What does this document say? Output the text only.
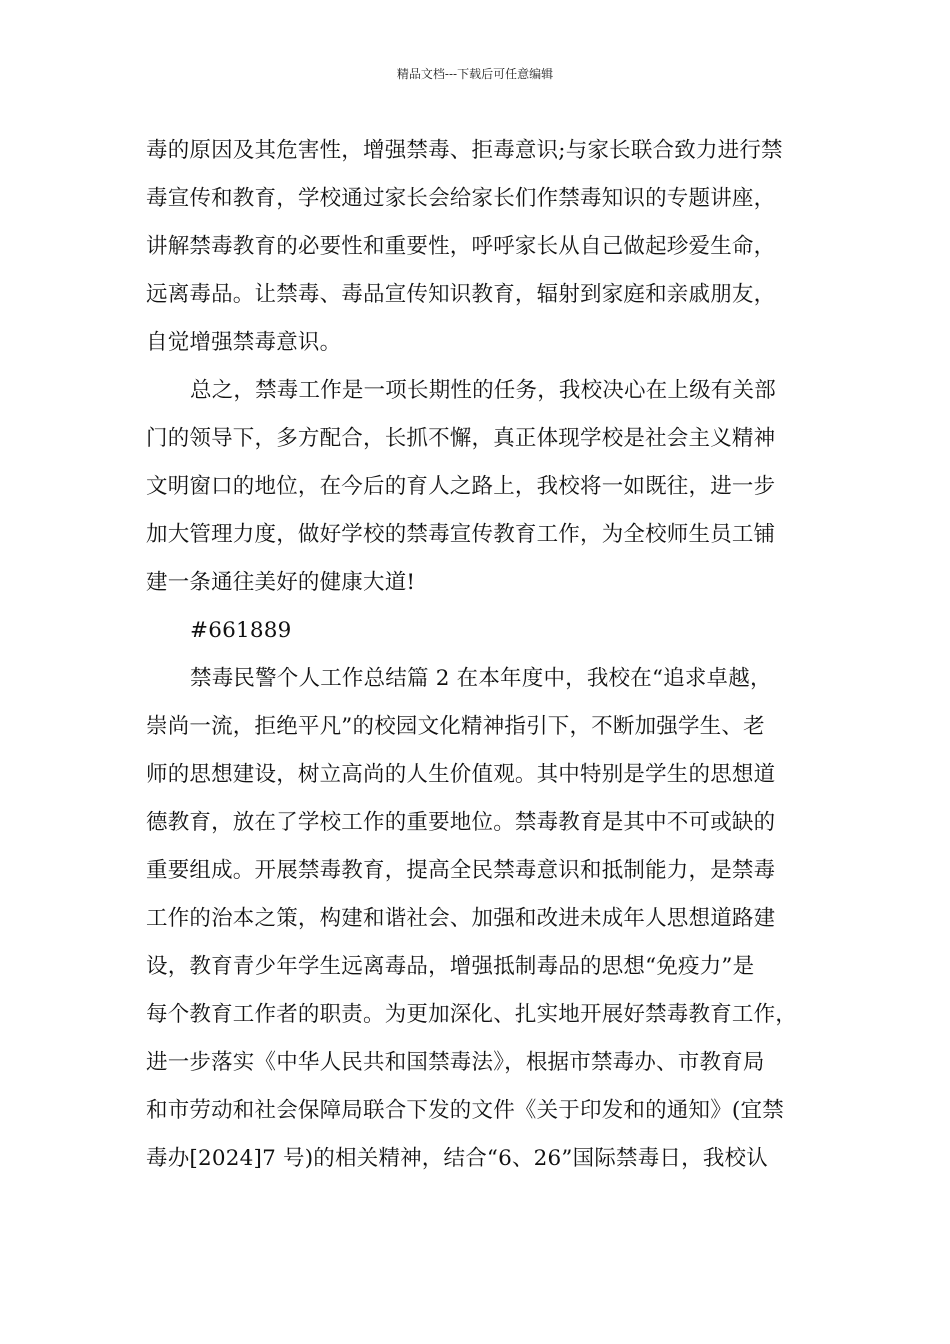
精品文档---下载后可任意编辑
毒的原因及其危害性，增强禁毒、拒毒意识;与家长联合致力进行禁
毒宣传和教育，学校通过家长会给家长们作禁毒知识的专题讲座，
讲解禁毒教育的必要性和重要性，呼呼家长从自己做起珍爱生命，
远离毒品。让禁毒、毒品宣传知识教育，辐射到家庭和亲戚朋友，
自觉增强禁毒意识。
总之，禁毒工作是一项长期性的任务，我校决心在上级有关部
门的领导下，多方配合，长抓不懈，真正体现学校是社会主义精神
文明窗口的地位，在今后的育人之路上，我校将一如既往，进一步
加大管理力度，做好学校的禁毒宣传教育工作，为全校师生员工铺
建一条通往美好的健康大道!
#661889
禁毒民警个人工作总结篇 2 在本年度中，我校在“追求卓越，
崇尚一流，拒绝平凡”的校园文化精神指引下，不断加强学生、老
师的思想建设，树立高尚的人生价值观。其中特别是学生的思想道
德教育，放在了学校工作的重要地位。禁毒教育是其中不可或缺的
重要组成。开展禁毒教育，提高全民禁毒意识和抵制能力，是禁毒
工作的治本之策，构建和谐社会、加强和改进未成年人思想道路建
设，教育青少年学生远离毒品，增强抵制毒品的思想“免疫力”是
每个教育工作者的职责。为更加深化、扎实地开展好禁毒教育工作，
进一步落实《中华人民共和国禁毒法》，根据市禁毒办、市教育局
和市劳动和社会保障局联合下发的文件《关于印发和的通知》(宜禁
毒办[2024]7 号)的相关精神，结合“6、26”国际禁毒日，我校认
